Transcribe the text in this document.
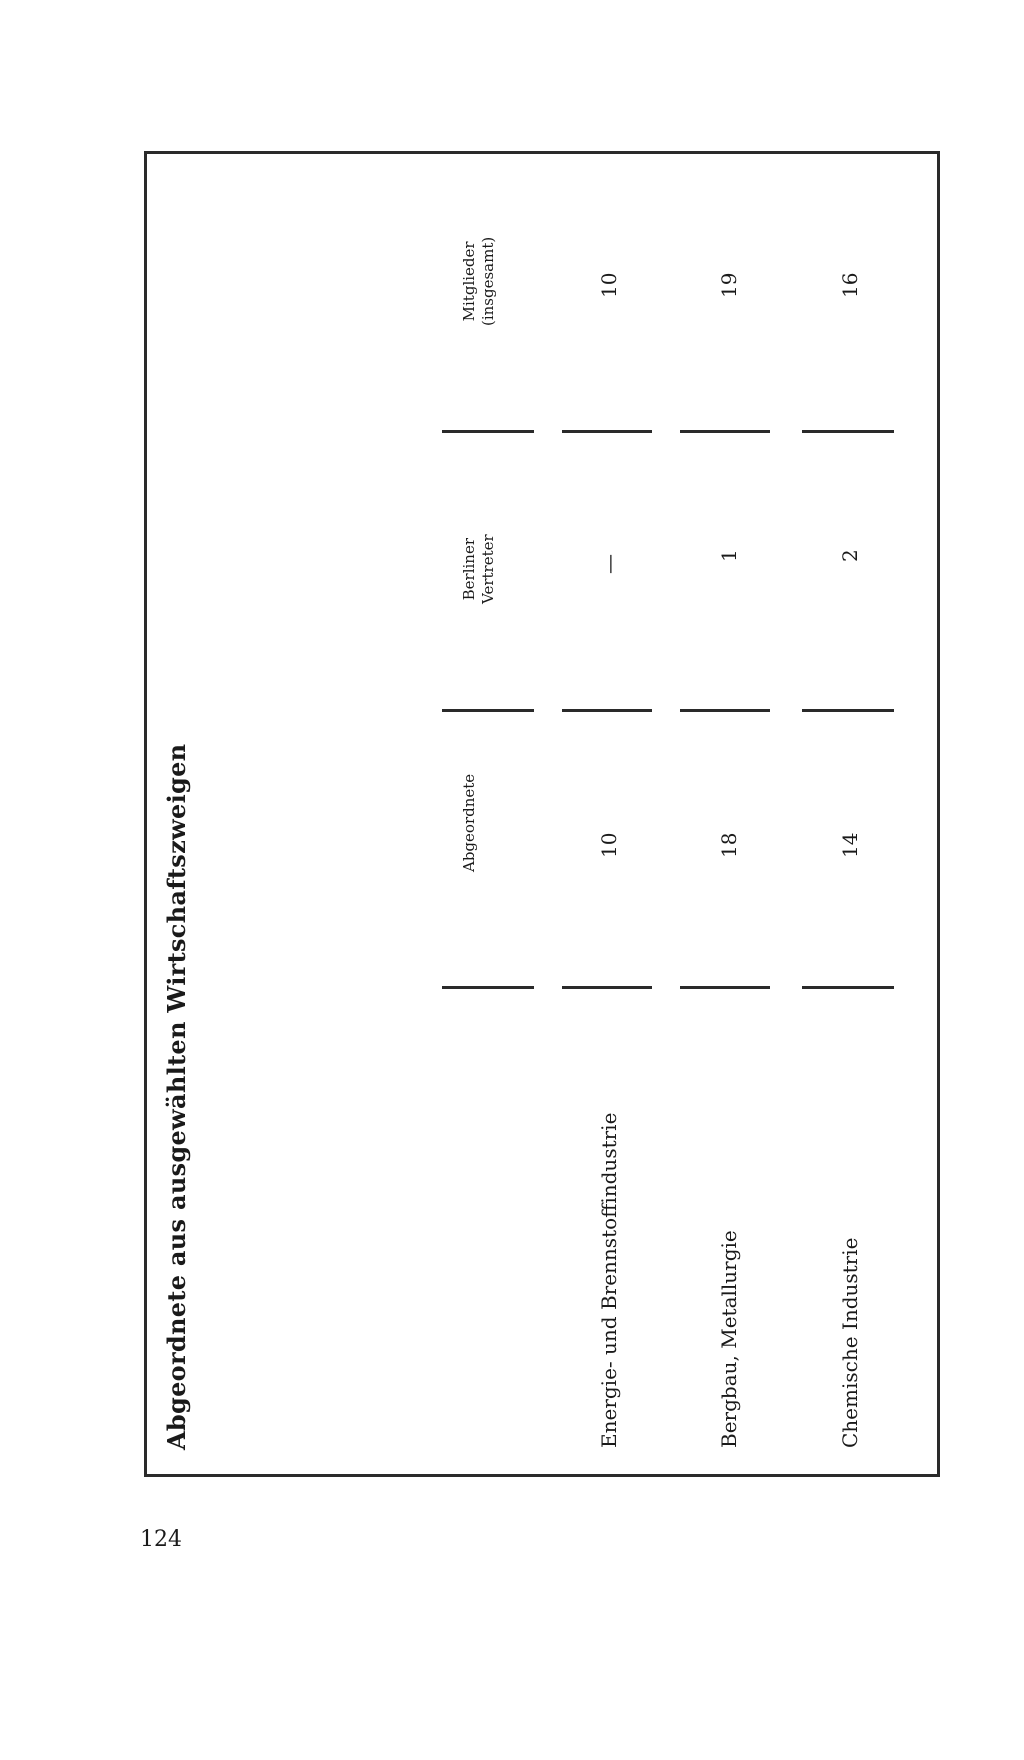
Abgeordnete aus ausgewählten Wirtschaftszweigen	Abgeordnete
Berliner Vertreter
Mitglieder (insgesamt)
Energie- und Brennstoffindustrie
10
—
10
Bergbau, Metallurgie
18
1
19
Chemische Industrie
14
2
16
124
